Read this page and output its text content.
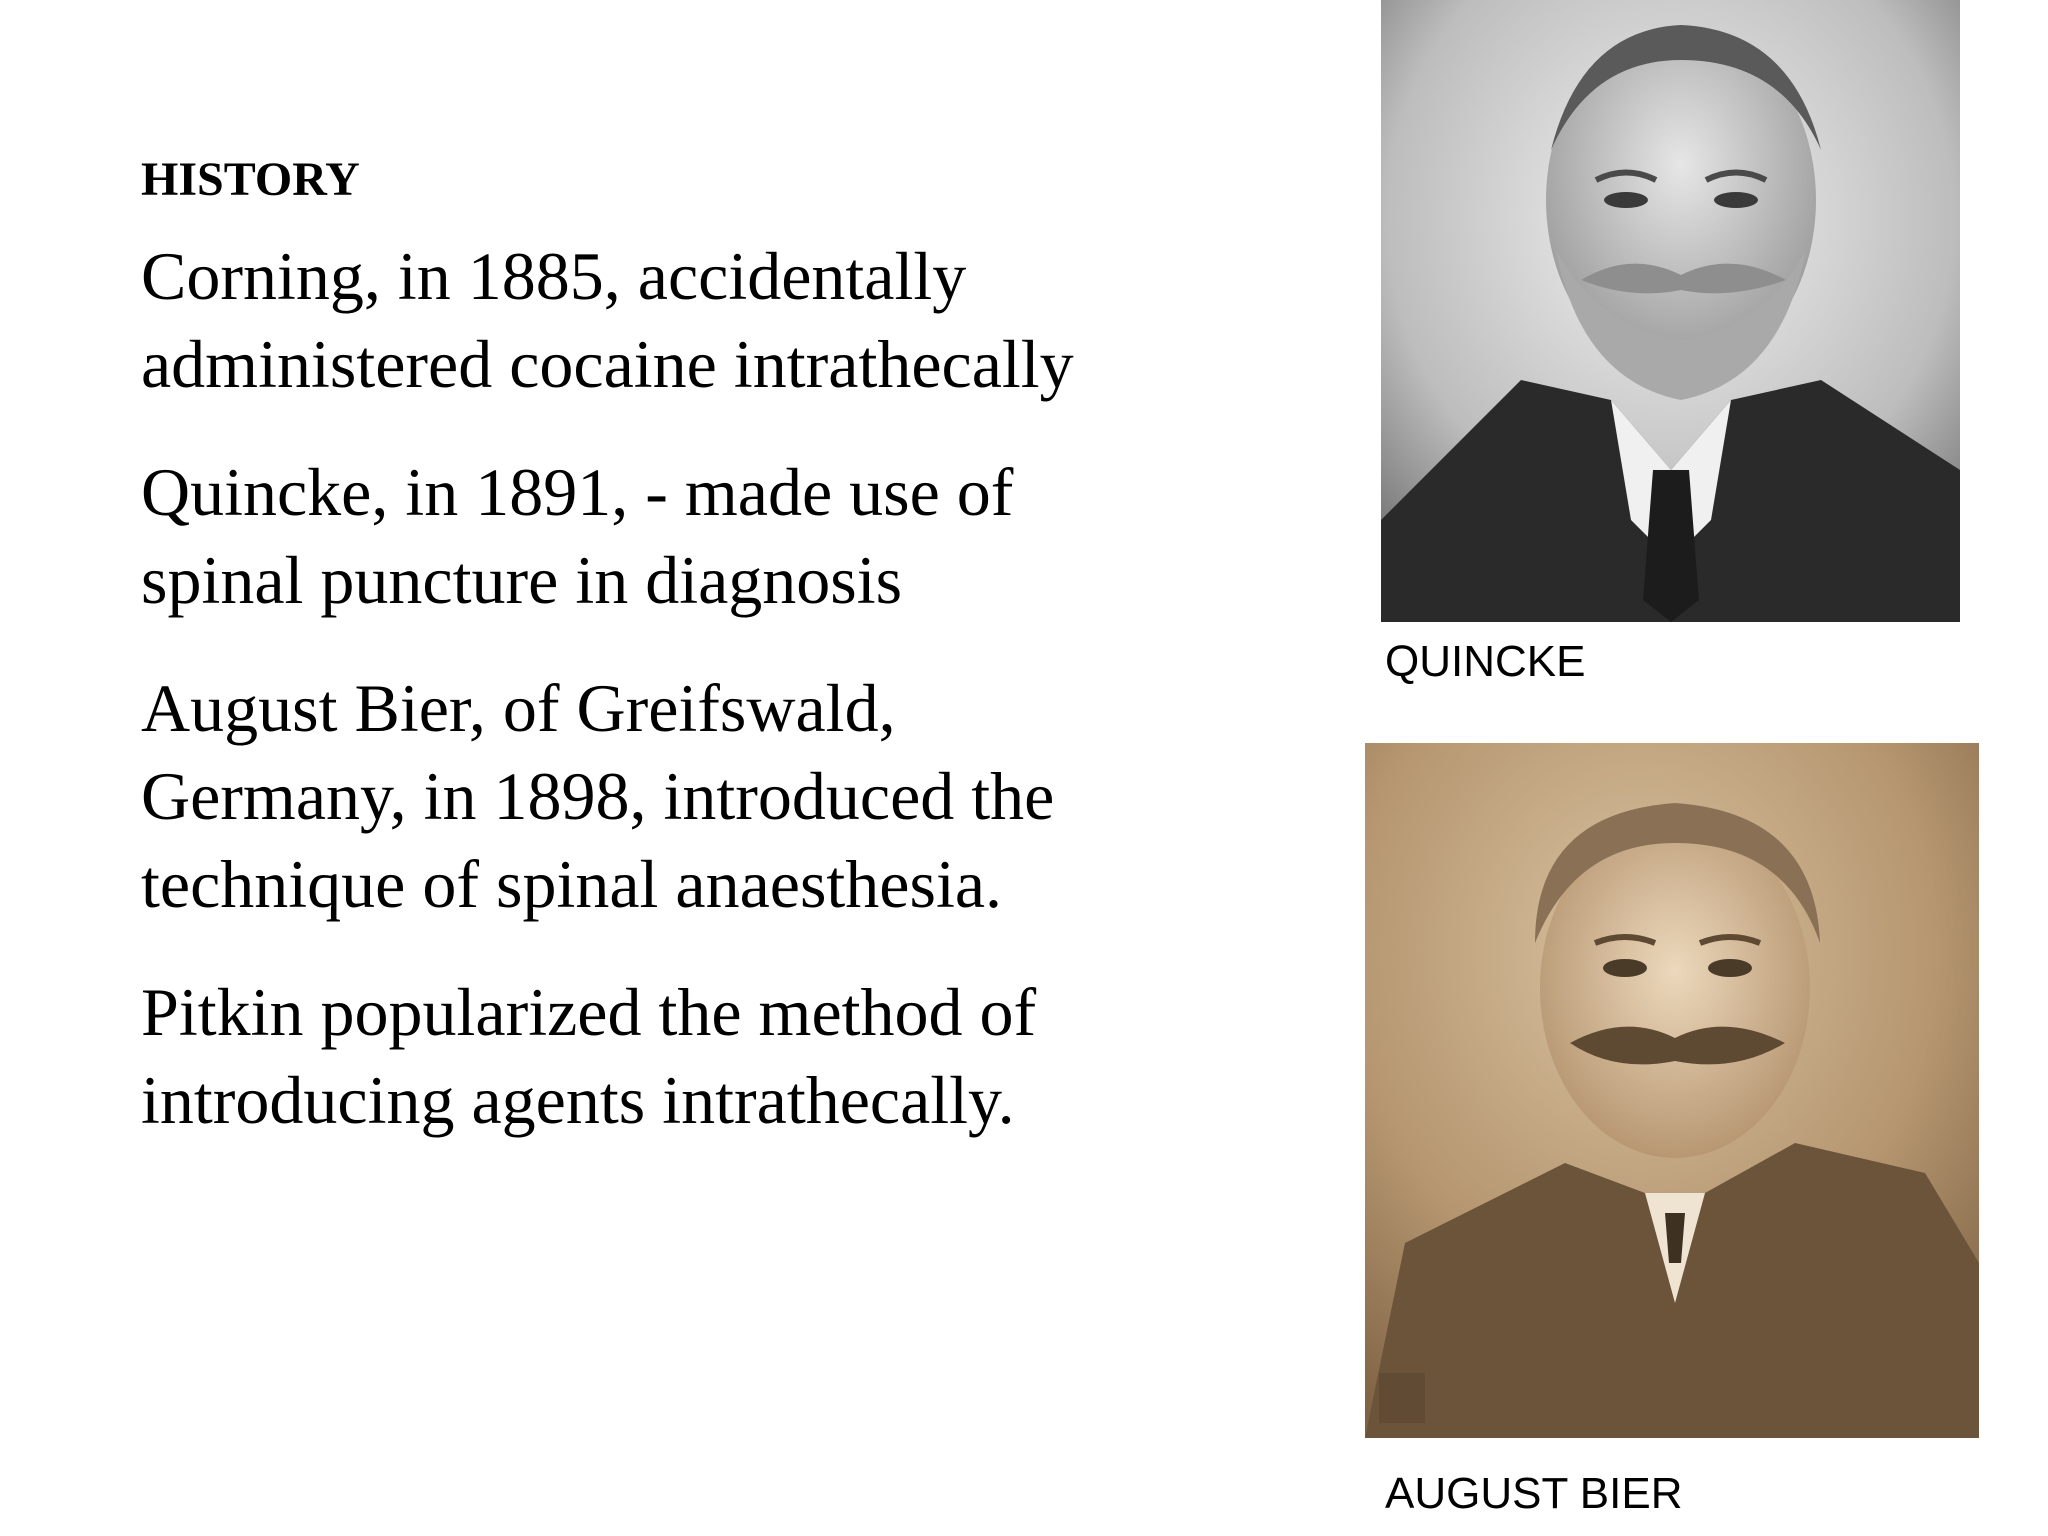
HISTORY

Corning, in 1885, accidentally
administered cocaine intrathecally

Quincke, in 1891, - made use of
spinal puncture in diagnosis

August Bier, of Greifswald,
Germany, in 1898, introduced the
technique of spinal anaesthesia.

Pitkin popularized the method of
introducing agents intrathecally.

QUINCKE
AUGUST BIER
